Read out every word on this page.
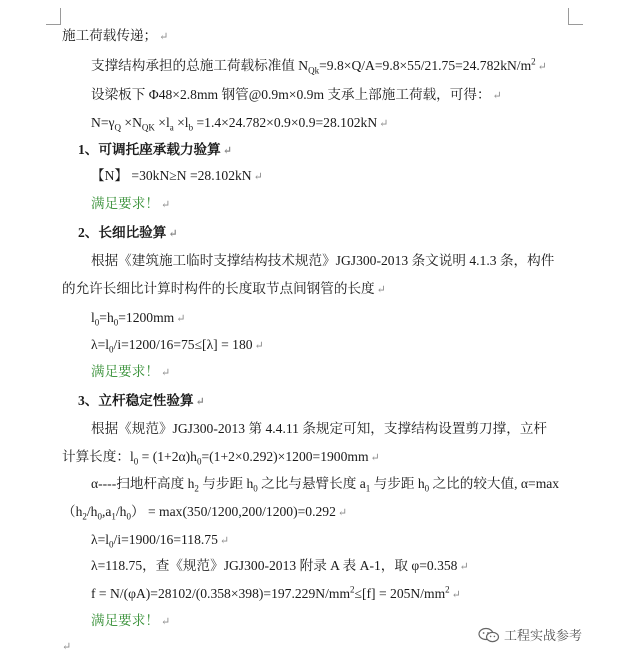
施工荷载传递； ↵
支撑结构承担的总施工荷载标准值 $N_{Qk}=9.8\times Q/A=9.8\times 55/21.75=24.782kN/m^2$ ↵
设梁板下 Φ48×2.8mm 钢管@0.9m×0.9m 支承上部施工荷载，可得： ↵
$N=\gamma_Q \times N_{QK} \times l_a \times l_b =1.4\times 24.782\times 0.9\times 0.9=28.102kN$ ↵
1、可调托座承载力验算 ↵
【N】 =30kN≥N =28.102kN ↵
满足要求！ ↵
2、长细比验算 ↵
根据《建筑施工临时支撑结构技术规范》JGJ300-2013 条文说明 4.1.3 条，构件
的允许长细比计算时构件的长度取节点间钢管的长度 ↵
$l_0=h_0=1200mm$ ↵
$\lambda=l_0/i=1200/16=75\le[\lambda] = 180$ ↵
满足要求！ ↵
3、立杆稳定性验算 ↵
根据《规范》JGJ300-2013 第 4.4.11 条规定可知，支撑结构设置剪刀撑，立杆
计算长度：$l_0 = (1+2\alpha)h_0=(1+2\times 0.292)\times 1200=1900mm$ ↵
α----扫地杆高度 $h_2$ 与步距 $h_0$ 之比与悬臂长度 $a_1$ 与步距 $h_0$ 之比的较大值, α=max
$(h_2/h_0,a_1/h_0) = \max(350/1200,200/1200)=0.292$ ↵
$\lambda=l_0/i=1900/16=118.75$ ↵
λ=118.75，查《规范》JGJ300-2013 附录 A 表 A-1，取 φ=0.358 ↵
$f = N/(\varphi A)=28102/(0.358\times 398)=197.229N/mm^2\le[f] = 205N/mm^2$ ↵
满足要求！ ↵
↵
工程实战参考
